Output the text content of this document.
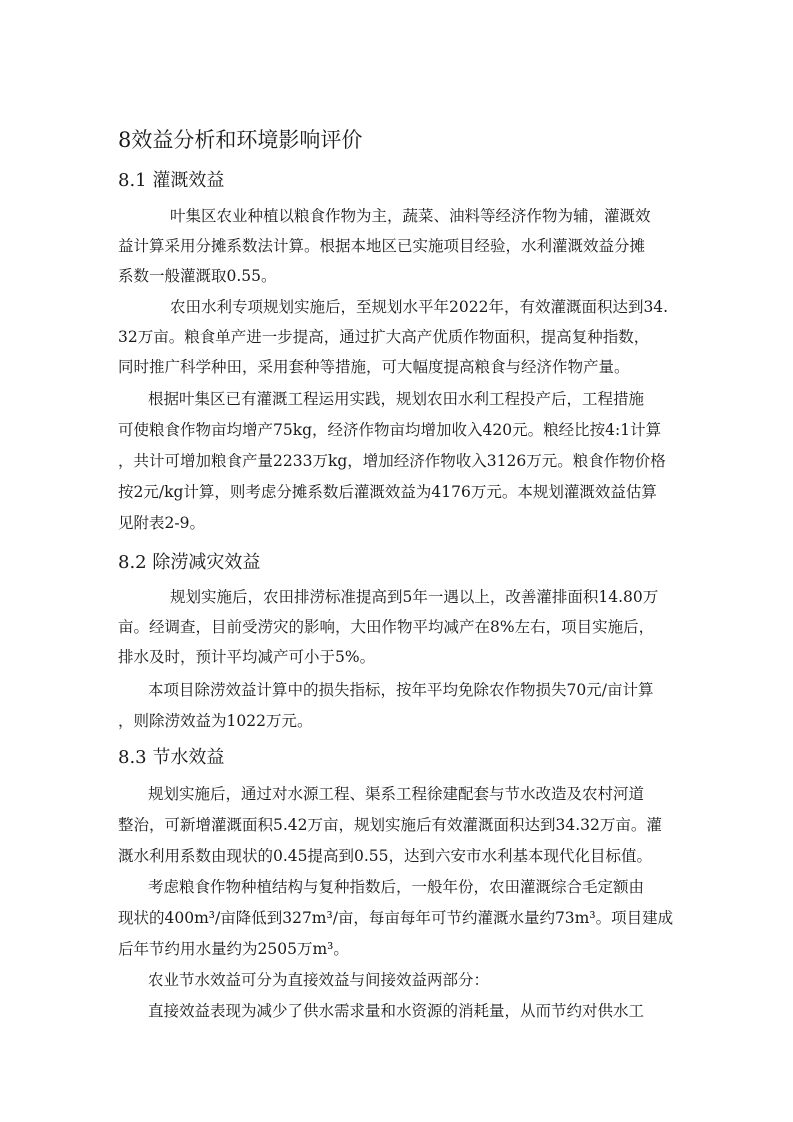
8效益分析和环境影响评价
8.1 灌溉效益
叶集区农业种植以粮食作物为主，蔬菜、油料等经济作物为辅，灌溉效
益计算采用分摊系数法计算。根据本地区已实施项目经验，水利灌溉效益分摊
系数一般灌溉取0.55。
农田水利专项规划实施后，至规划水平年2022年，有效灌溉面积达到34.
32万亩。粮食单产进一步提高，通过扩大高产优质作物面积，提高复种指数，
同时推广科学种田，采用套种等措施，可大幅度提高粮食与经济作物产量。
根据叶集区已有灌溉工程运用实践，规划农田水利工程投产后，工程措施
可使粮食作物亩均增产75kg，经济作物亩均增加收入420元。粮经比按4:1计算
，共计可增加粮食产量2233万kg，增加经济作物收入3126万元。粮食作物价格
按2元/kg计算，则考虑分摊系数后灌溉效益为4176万元。本规划灌溉效益估算
见附表2-9。
8.2 除涝减灾效益
规划实施后，农田排涝标准提高到5年一遇以上，改善灌排面积14.80万
亩。经调查，目前受涝灾的影响，大田作物平均减产在8%左右，项目实施后，
排水及时，预计平均减产可小于5%。
本项目除涝效益计算中的损失指标，按年平均免除农作物损失70元/亩计算
，则除涝效益为1022万元。
8.3 节水效益
规划实施后，通过对水源工程、渠系工程徐建配套与节水改造及农村河道
整治，可新增灌溉面积5.42万亩，规划实施后有效灌溉面积达到34.32万亩。灌
溉水利用系数由现状的0.45提高到0.55，达到六安市水利基本现代化目标值。
考虑粮食作物种植结构与复种指数后，一般年份，农田灌溉综合毛定额由
现状的400m³/亩降低到327m³/亩，每亩每年可节约灌溉水量约73m³。项目建成
后年节约用水量约为2505万m³。
农业节水效益可分为直接效益与间接效益两部分：
直接效益表现为减少了供水需求量和水资源的消耗量，从而节约对供水工
